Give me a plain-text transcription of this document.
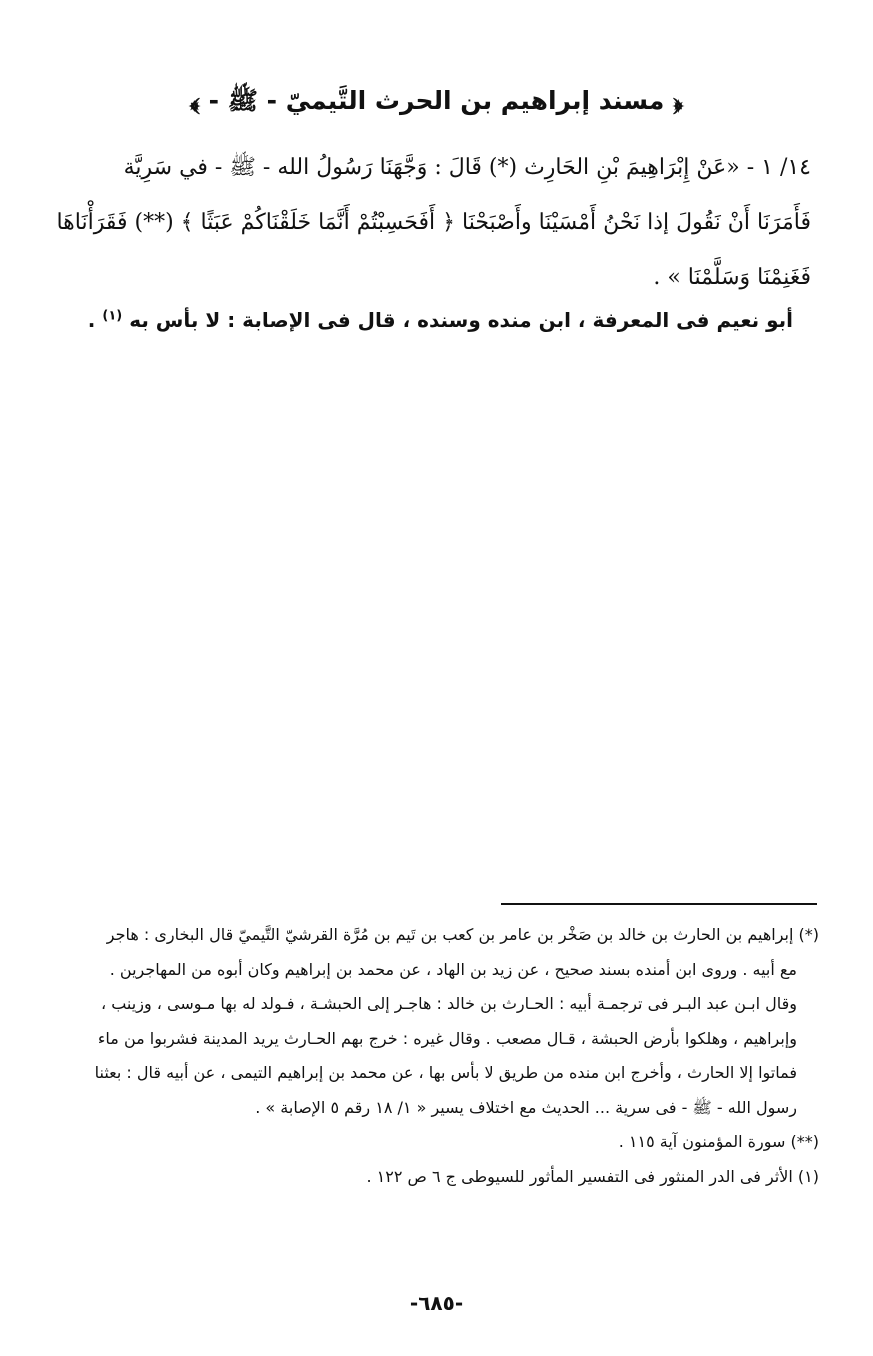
﴿ مسند إبراهيم بن الحرث التَّيميّ - ﷺ - ﴾
١٤/ ١ - «عَنْ إِبْرَاهِيمَ بْنِ الحَارِث (*) قَالَ : وَجَّهَنَا رَسُولُ الله - ﷺ - في سَرِيَّة
فَأَمَرَنَا أَنْ نَقُولَ إذا نَحْنُ أَمْسَيْنَا وأَصْبَحْنَا ﴿ أَفَحَسِبْتُمْ أَنَّمَا خَلَقْنَاكُمْ عَبَثًا ﴾ (**) فَقَرَأْنَاهَا
فَغَنِمْنَا وَسَلَّمْنَا » .
أبو نعيم فى المعرفة ، ابن منده وسنده ، قال فى الإصابة : لا بأس به $^{(١)}$ .
(*) إبراهيم بن الحارث بن خالد بن صَخْر بن عامر بن كعب بن تَيم بن مُرَّة القرشيّ التَّيميّ قال البخارى : هاجر
مع أبيه . وروى ابن أمنده بسند صحيح ، عن زيد بن الهاد ، عن محمد بن إبراهيم وكان أبوه من المهاجرين .
وقال ابـن عبد البـر فى ترجمـة أبيه : الحـارث بن خالد : هاجـر إلى الحبشـة ، فـولد له بها مـوسى ، وزينب ،
وإبراهيم ، وهلكوا بأرض الحبشة ، قـال مصعب . وقال غيره : خرج بهم الحـارث يريد المدينة فشربوا من ماء
فماتوا إلا الحارث ، وأخرج ابن منده من طريق لا بأس بها ، عن محمد بن إبراهيم التيمى ، عن أبيه قال : بعثنا
رسول الله - ﷺ - فى سرية ... الحديث مع اختلاف يسير « ١/ ١٨ رقم ٥ الإصابة » .
(**) سورة المؤمنون آية ١١٥ .
(١) الأثر فى الدر المنثور فى التفسير المأثور للسيوطى ج ٦ ص ١٢٢ .
-٦٨٥-
